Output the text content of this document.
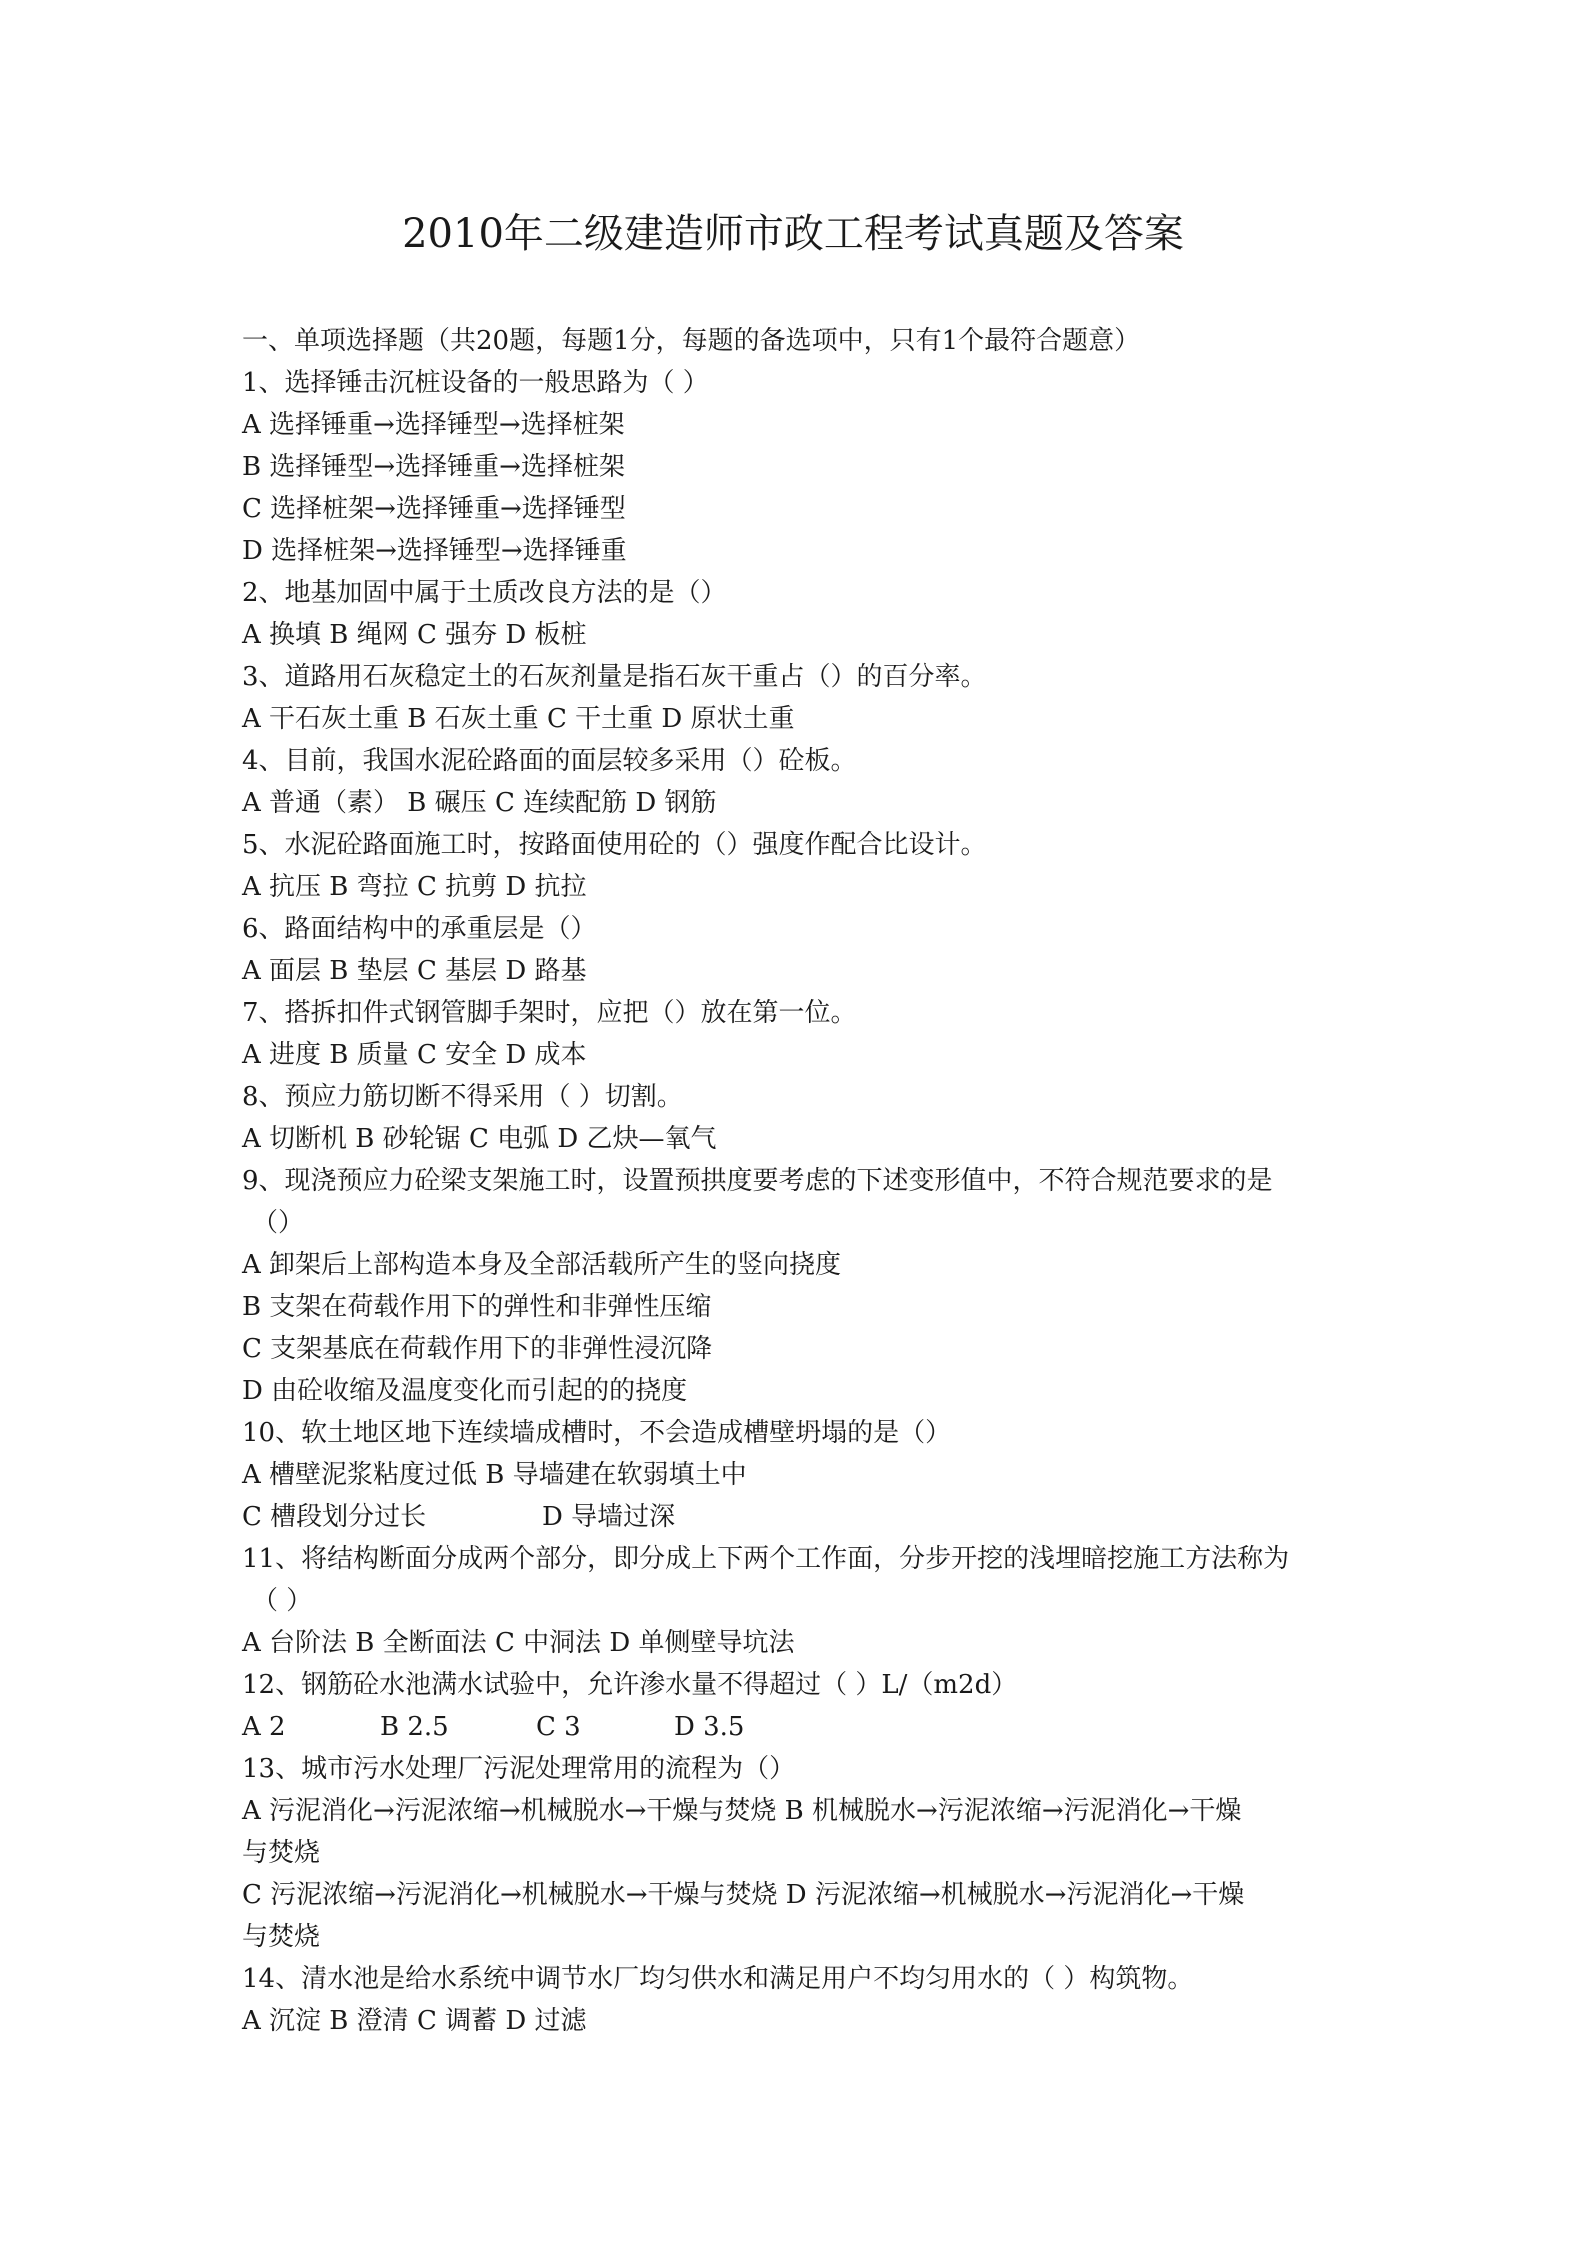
2010年二级建造师市政工程考试真题及答案
一、单项选择题（共20题，每题1分，每题的备选项中，只有1个最符合题意）
1、选择锤击沉桩设备的一般思路为（ ）
A 选择锤重→选择锤型→选择桩架
B 选择锤型→选择锤重→选择桩架
C 选择桩架→选择锤重→选择锤型
D 选择桩架→选择锤型→选择锤重
2、地基加固中属于土质改良方法的是（）
A 换填 B 绳网 C 强夯 D 板桩
3、道路用石灰稳定土的石灰剂量是指石灰干重占（）的百分率。
A 干石灰土重 B 石灰土重 C 干土重 D 原状土重
4、目前，我国水泥砼路面的面层较多采用（）砼板。
A 普通（素） B 碾压 C 连续配筋 D 钢筋
5、水泥砼路面施工时，按路面使用砼的（）强度作配合比设计。
A 抗压 B 弯拉 C 抗剪 D 抗拉
6、路面结构中的承重层是（）
A 面层 B 垫层 C 基层 D 路基
7、搭拆扣件式钢管脚手架时，应把（）放在第一位。
A 进度 B 质量 C 安全 D 成本
8、预应力筋切断不得采用（ ）切割。
A 切断机 B 砂轮锯 C 电弧 D 乙炔—氧气
9、现浇预应力砼梁支架施工时，设置预拱度要考虑的下述变形值中，不符合规范要求的是
（）
A 卸架后上部构造本身及全部活载所产生的竖向挠度
B 支架在荷载作用下的弹性和非弹性压缩
C 支架基底在荷载作用下的非弹性浸沉降
D 由砼收缩及温度变化而引起的的挠度
10、软土地区地下连续墙成槽时，不会造成槽壁坍塌的是（）
A 槽壁泥浆粘度过低 B 导墙建在软弱填土中
C 槽段划分过长	D 导墙过深
11、将结构断面分成两个部分，即分成上下两个工作面，分步开挖的浅埋暗挖施工方法称为
（ ）
A 台阶法 B 全断面法 C 中洞法 D 单侧壁导坑法
12、钢筋砼水池满水试验中，允许渗水量不得超过（ ）L/（m2d）
A 2	B 2.5	C 3	D 3.5
13、城市污水处理厂污泥处理常用的流程为（）
A 污泥消化→污泥浓缩→机械脱水→干燥与焚烧 B 机械脱水→污泥浓缩→污泥消化→干燥
与焚烧
C 污泥浓缩→污泥消化→机械脱水→干燥与焚烧 D 污泥浓缩→机械脱水→污泥消化→干燥
与焚烧
14、清水池是给水系统中调节水厂均匀供水和满足用户不均匀用水的（ ）构筑物。
A 沉淀 B 澄清 C 调蓄 D 过滤
